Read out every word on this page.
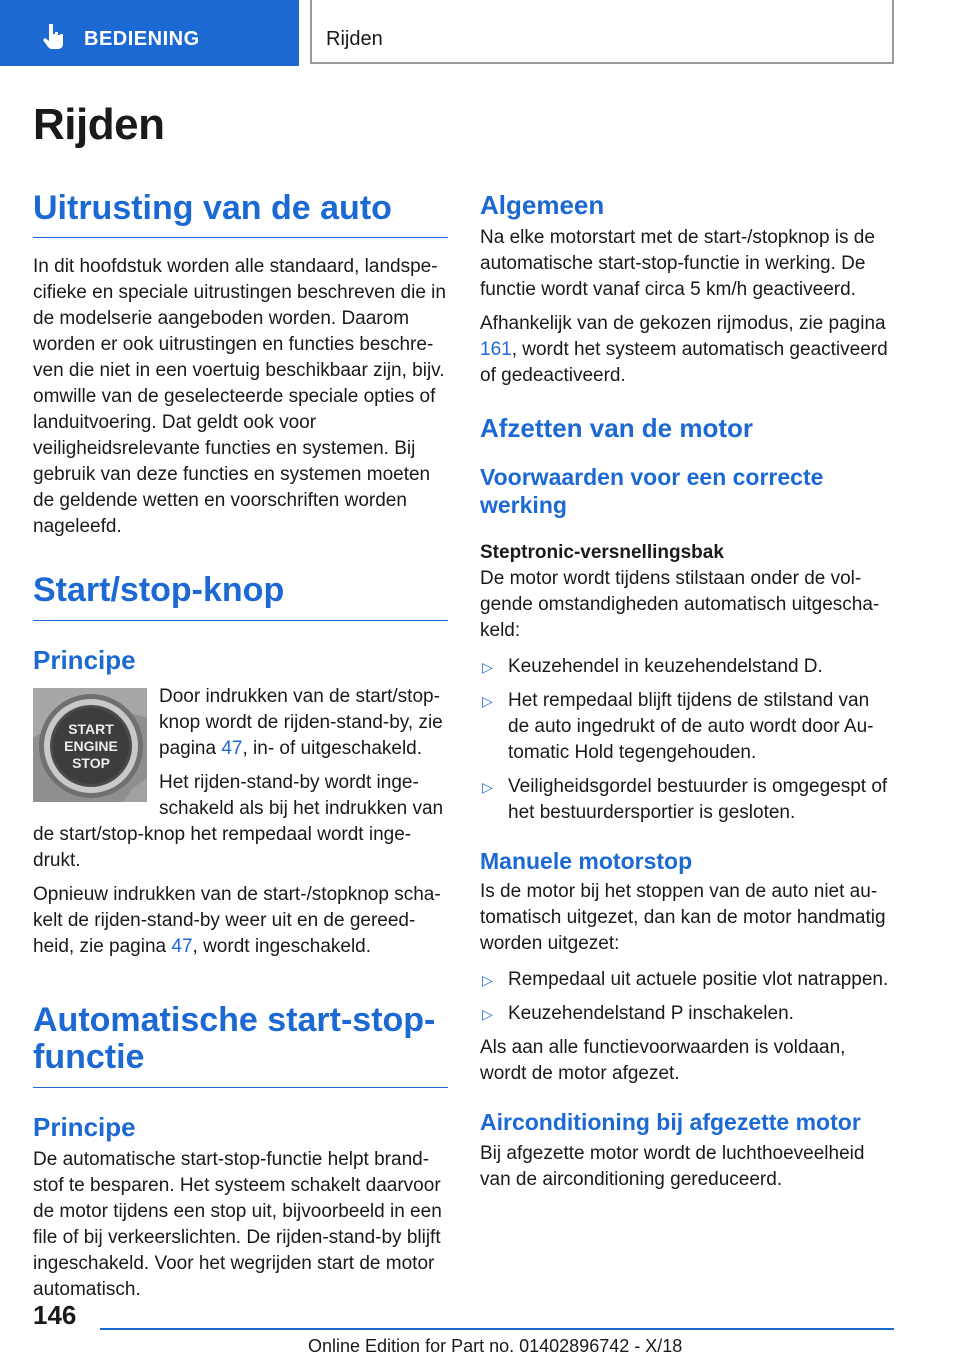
BEDIENING	Rijden
Rijden
Uitrusting van de auto

In dit hoofdstuk worden alle standaard, landspecifieke en speciale uitrustingen beschreven die in de modelserie aangeboden worden. Daarom worden er ook uitrustingen en functies beschreven die niet in een voertuig beschikbaar zijn, bijv. omwille van de geselecteerde speciale opties of landuitvoering. Dat geldt ook voor veiligheidsrelevante functies en systemen. Bij gebruik van deze functies en systemen moeten de geldende wetten en voorschriften worden nageleefd.

Start/stop-knop
Principe
START
ENGINE
STOP

Door indrukken van de start/stopknop wordt de rijden-stand-by, zie pagina 47, in- of uitgeschakeld.

Het rijden-stand-by wordt ingeschakeld als bij het indrukken van de start/stop-knop het rempedaal wordt ingedrukt.

Opnieuw indrukken van de start-/stopknop schakelt de rijden-stand-by weer uit en de gereedheid, zie pagina 47, wordt ingeschakeld.

Automatische start-stop-functie
Principe

De automatische start-stop-functie helpt brandstof te besparen. Het systeem schakelt daarvoor de motor tijdens een stop uit, bijvoorbeeld in een file of bij verkeerslichten. De rijden-stand-by blijft ingeschakeld. Voor het wegrijden start de motor automatisch.

Algemeen

Na elke motorstart met de start-/stopknop is de automatische start-stop-functie in werking. De functie wordt vanaf circa 5 km/h geactiveerd.

Afhankelijk van de gekozen rijmodus, zie pagina 161, wordt het systeem automatisch geactiveerd of gedeactiveerd.

Afzetten van de motor
Voorwaarden voor een correcte werking
Steptronic-versnellingsbak

De motor wordt tijdens stilstaan onder de volgende omstandigheden automatisch uitgeschakeld:

▷ Keuzehendel in keuzehendelstand D.
▷ Het rempedaal blijft tijdens de stilstand van de auto ingedrukt of de auto wordt door Automatic Hold tegengehouden.
▷ Veiligheidsgordel bestuurder is omgegespt of het bestuurdersportier is gesloten.
Manuele motorstop

Is de motor bij het stoppen van de auto niet automatisch uitgezet, dan kan de motor handmatig worden uitgezet:

▷ Rempedaal uit actuele positie vlot natrappen.
▷ Keuzehendelstand P inschakelen.

Als aan alle functievoorwaarden is voldaan, wordt de motor afgezet.

Airconditioning bij afgezette motor

Bij afgezette motor wordt de luchthoeveelheid van de airconditioning gereduceerd.

146
Online Edition for Part no. 01402896742 - X/18
